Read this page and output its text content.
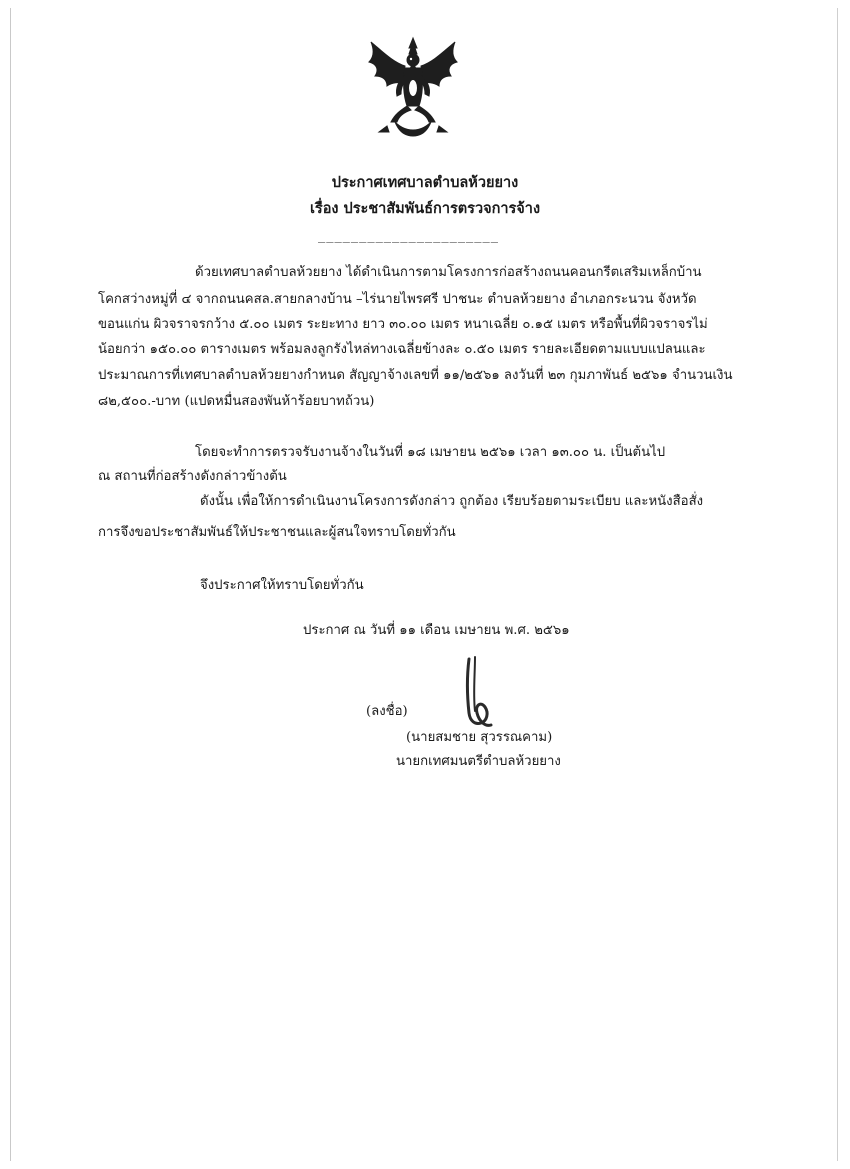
ประกาศเทศบาลตำบลห้วยยาง
เรื่อง ประชาสัมพันธ์การตรวจการจ้าง
______________________
ด้วยเทศบาลตำบลห้วยยาง ได้ดำเนินการตามโครงการก่อสร้างถนนคอนกรีตเสริมเหล็กบ้าน
โคกสว่างหมู่ที่ ๔ จากถนนคสล.สายกลางบ้าน –ไร่นายไพรศรี ปาชนะ ตำบลห้วยยาง อำเภอกระนวน จังหวัด
ขอนแก่น ผิวจราจรกว้าง ๕.๐๐ เมตร ระยะทาง ยาว ๓๐.๐๐ เมตร หนาเฉลี่ย ๐.๑๕ เมตร หรือพื้นที่ผิวจราจรไม่
น้อยกว่า ๑๕๐.๐๐ ตารางเมตร พร้อมลงลูกรังไหล่ทางเฉลี่ยข้างละ ๐.๕๐ เมตร รายละเอียดตามแบบแปลนและ
ประมาณการที่เทศบาลตำบลห้วยยางกำหนด สัญญาจ้างเลขที่ ๑๑/๒๕๖๑ ลงวันที่ ๒๓ กุมภาพันธ์ ๒๕๖๑ จำนวนเงิน
๘๒,๕๐๐.-บาท (แปดหมื่นสองพันห้าร้อยบาทถ้วน)
โดยจะทำการตรวจรับงานจ้างในวันที่ ๑๘ เมษายน ๒๕๖๑ เวลา ๑๓.๐๐ น. เป็นต้นไป
ณ สถานที่ก่อสร้างดังกล่าวข้างต้น
ดังนั้น เพื่อให้การดำเนินงานโครงการดังกล่าว ถูกต้อง เรียบร้อยตามระเบียบ และหนังสือสั่ง
การจึงขอประชาสัมพันธ์ให้ประชาชนและผู้สนใจทราบโดยทั่วกัน
จึงประกาศให้ทราบโดยทั่วกัน
ประกาศ ณ วันที่ ๑๑ เดือน เมษายน พ.ศ. ๒๕๖๑
(ลงชื่อ)
(นายสมชาย สุวรรณคาม)
นายกเทศมนตรีตำบลห้วยยาง
